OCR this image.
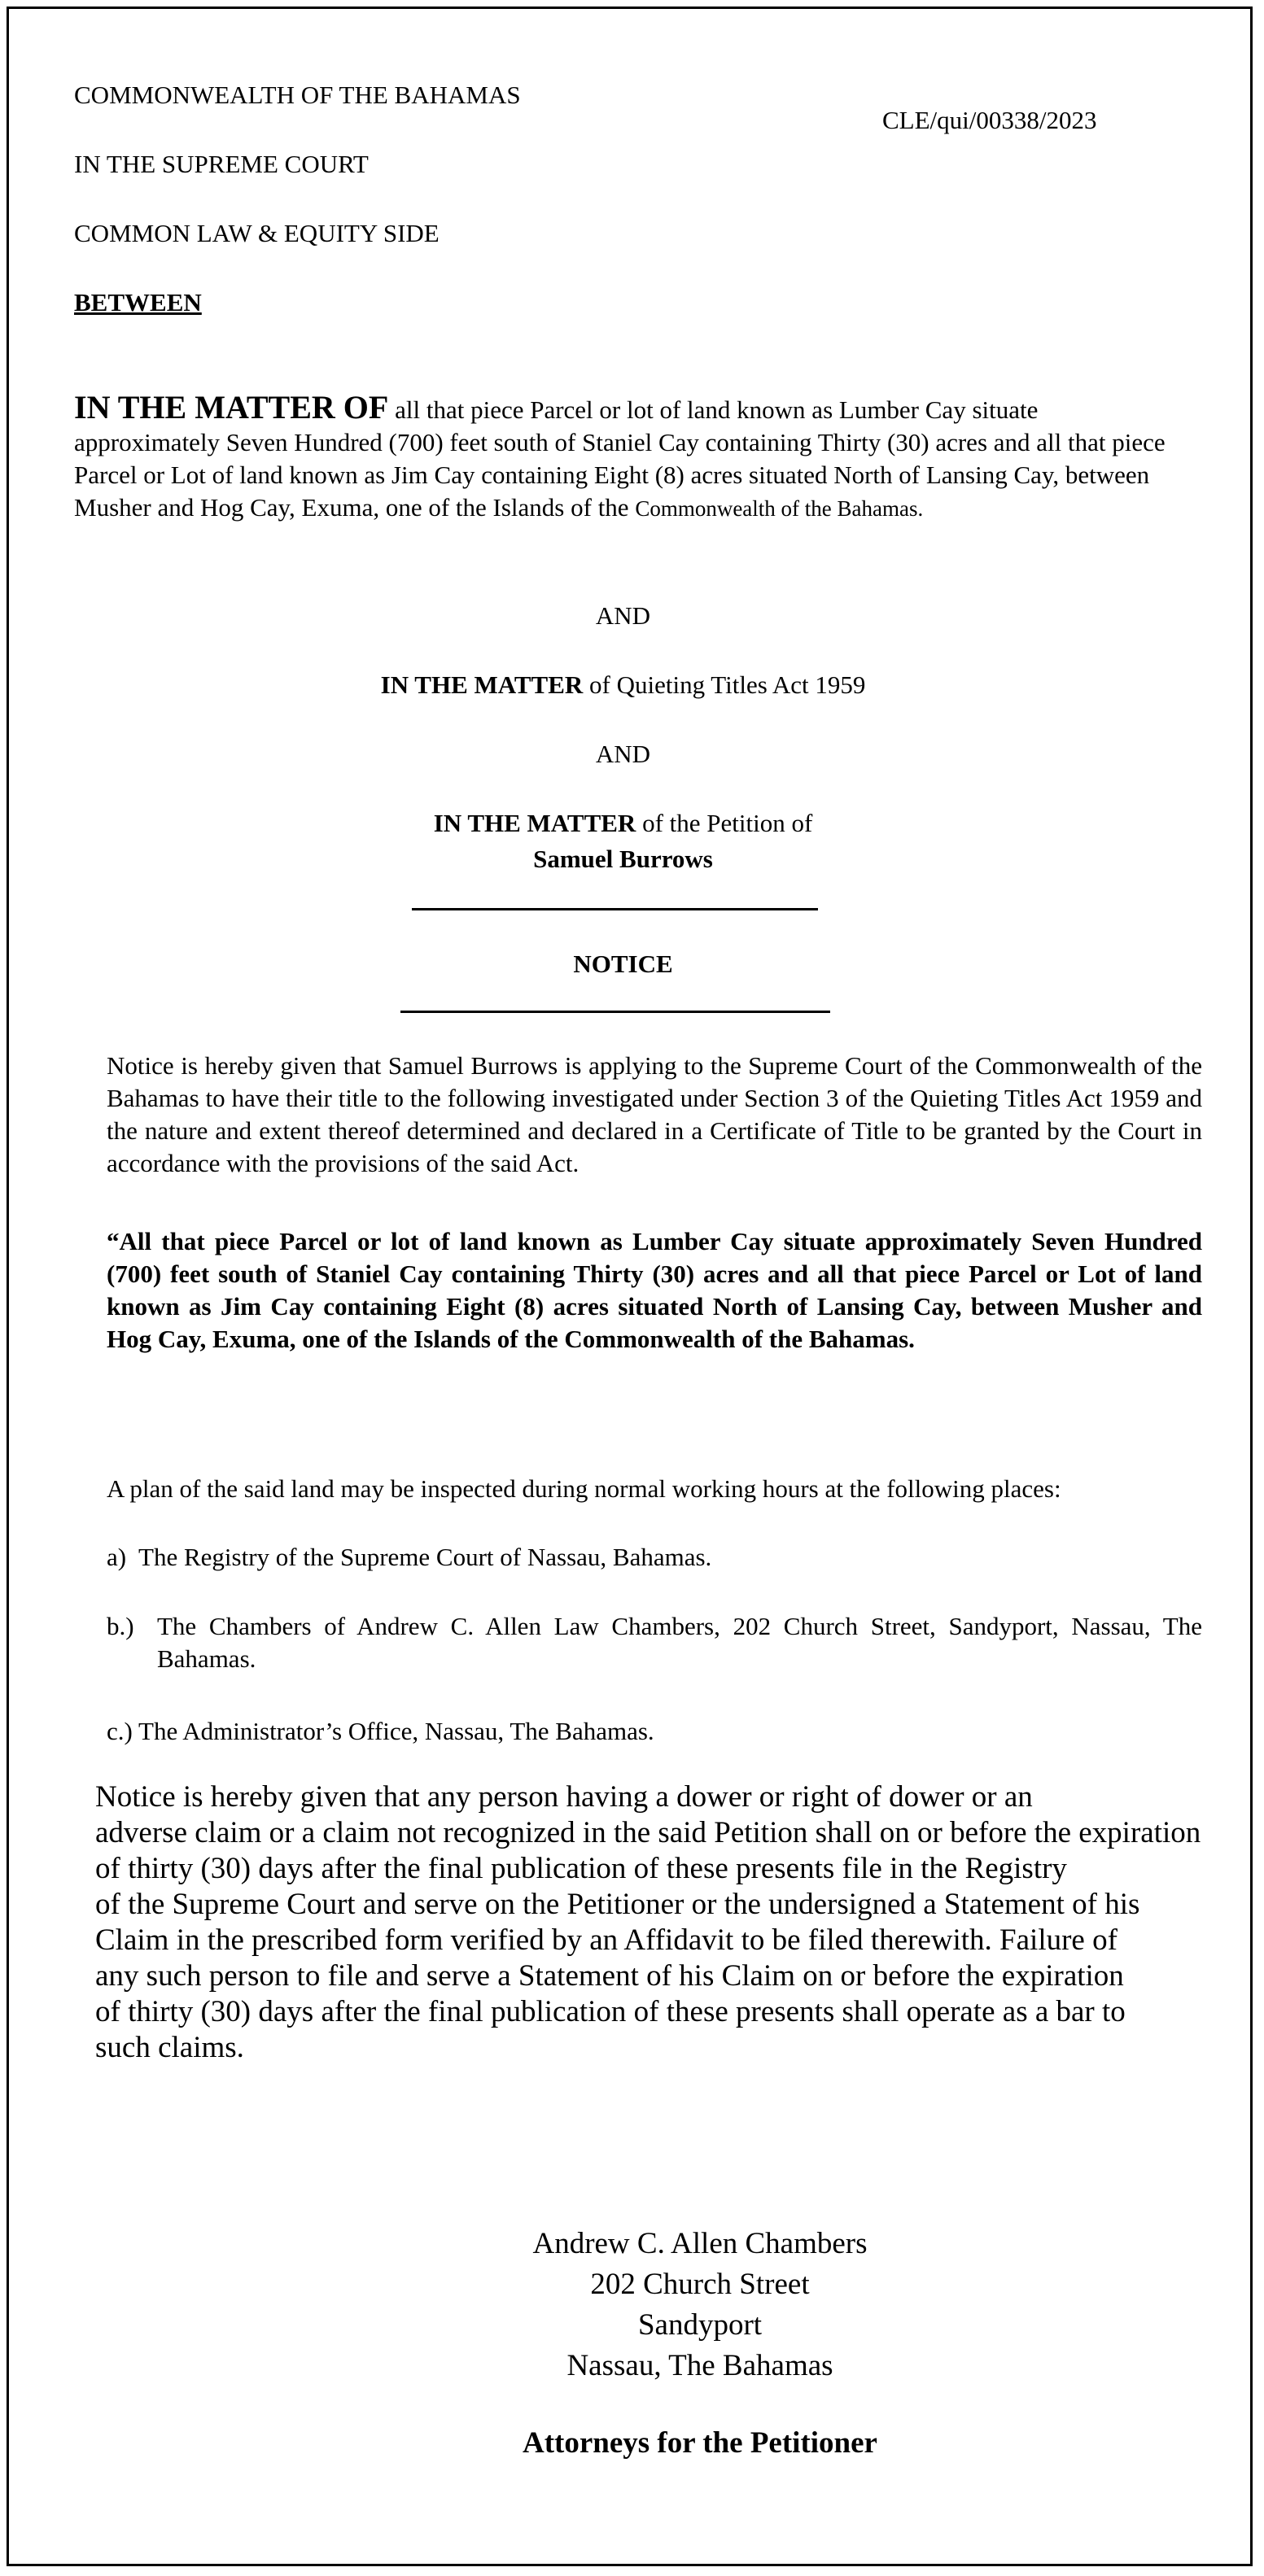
COMMONWEALTH OF THE BAHAMAS

CLE/qui/00338/2023

IN THE SUPREME COURT

COMMON LAW & EQUITY SIDE

BETWEEN

IN THE MATTER OF all that piece Parcel or lot of land known as Lumber Cay situate approximately Seven Hundred (700) feet south of Staniel Cay containing Thirty (30) acres and all that piece Parcel or Lot of land known as Jim Cay containing Eight (8) acres situated North of Lansing Cay, between Musher and Hog Cay, Exuma, one of the Islands of the Commonwealth of the Bahamas.

AND

IN THE MATTER of Quieting Titles Act 1959

AND

IN THE MATTER of the Petition of

Samuel Burrows

NOTICE

Notice is hereby given that Samuel Burrows is applying to the Supreme Court of the Commonwealth of the Bahamas to have their title to the following investigated under Section 3 of the Quieting Titles Act 1959 and the nature and extent thereof determined and declared in a Certificate of Title to be granted by the Court in accordance with the provisions of the said Act.

“All that piece Parcel or lot of land known as Lumber Cay situate approximately Seven Hundred (700) feet south of Staniel Cay containing Thirty (30) acres and all that piece Parcel or Lot of land known as Jim Cay containing Eight (8) acres situated North of Lansing Cay, between Musher and Hog Cay, Exuma, one of the Islands of the Commonwealth of the Bahamas.

A plan of the said land may be inspected during normal working hours at the following places:

a) The Registry of the Supreme Court of Nassau, Bahamas.
b.) The Chambers of Andrew C. Allen Law Chambers, 202 Church Street, Sandyport, Nassau, The Bahamas.
c.) The Administrator’s Office, Nassau, The Bahamas.
Notice is hereby given that any person having a dower or right of dower or an
adverse claim or a claim not recognized in the said Petition shall on or before the expiration
of thirty (30) days after the final publication of these presents file in the Registry
of the Supreme Court and serve on the Petitioner or the undersigned a Statement of his
Claim in the prescribed form verified by an Affidavit to be filed therewith. Failure of
any such person to file and serve a Statement of his Claim on or before the expiration
of thirty (30) days after the final publication of these presents shall operate as a bar to
such claims.
Andrew C. Allen Chambers
202 Church Street
Sandyport
Nassau, The Bahamas

Attorneys for the Petitioner
